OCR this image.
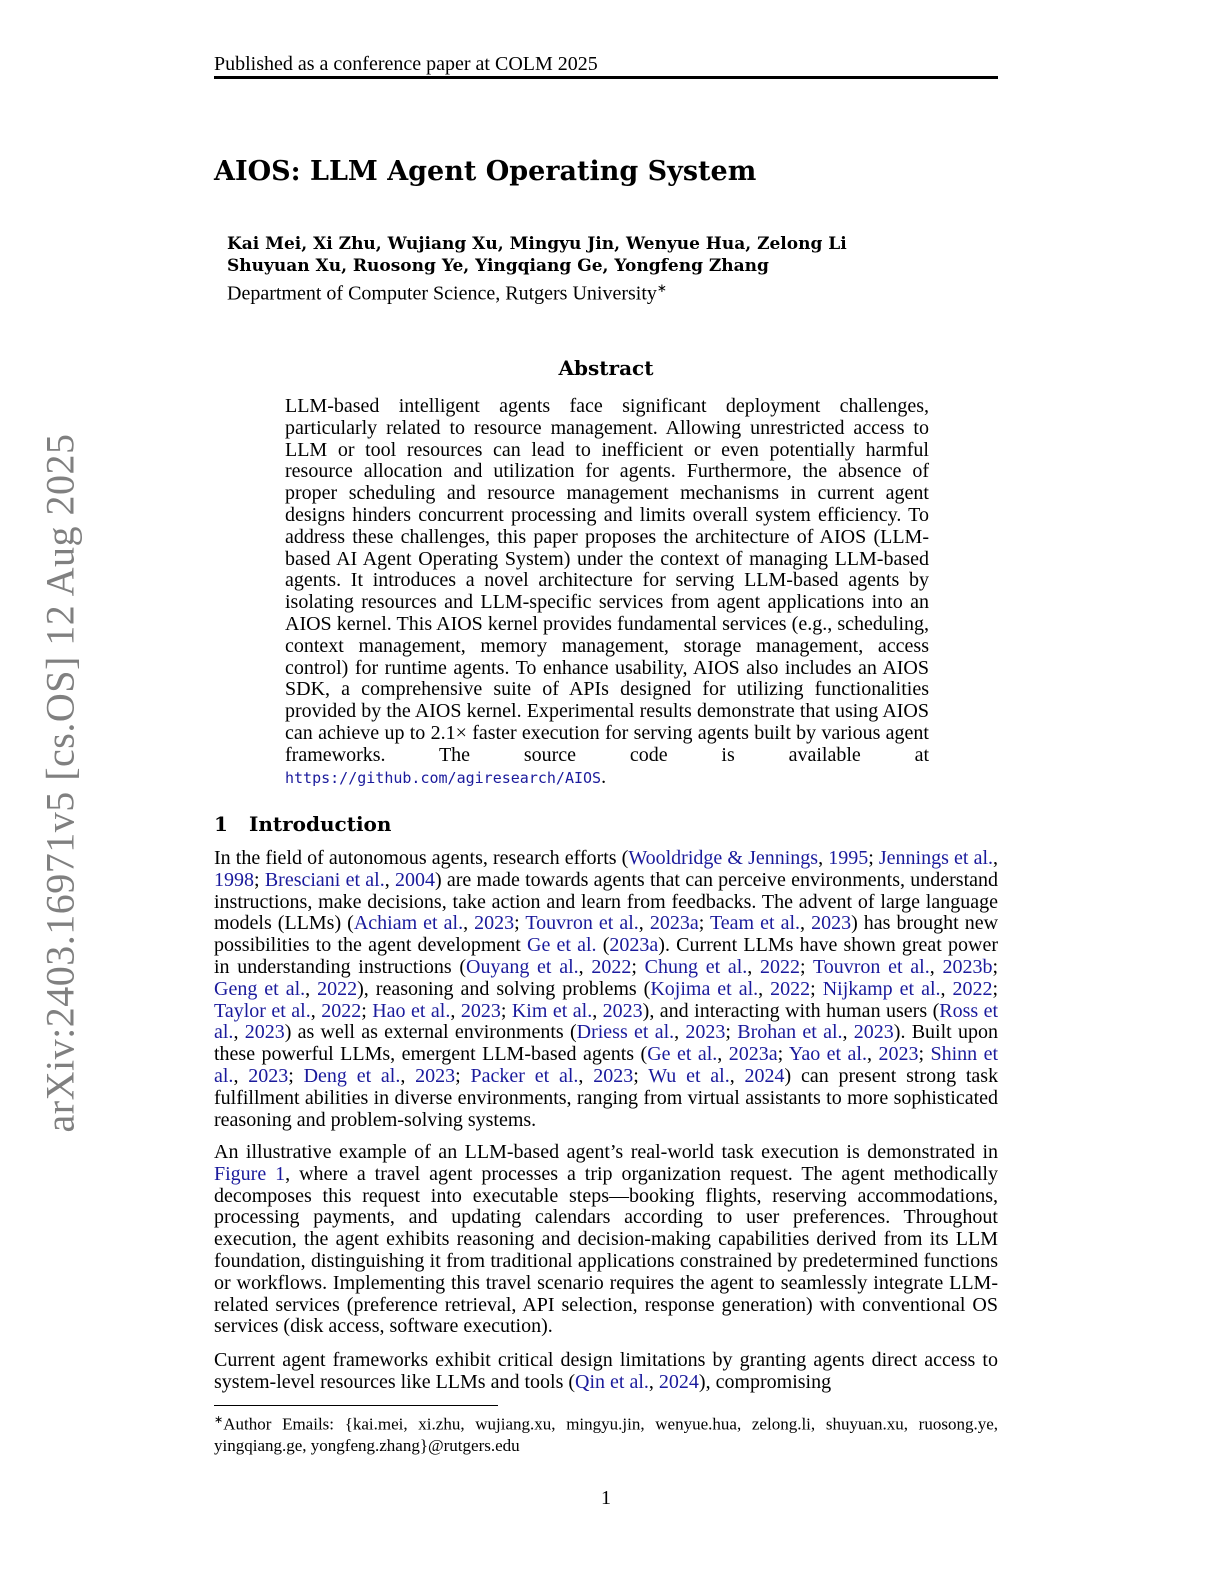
Published as a conference paper at COLM 2025
arXiv:2403.16971v5 [cs.OS] 12 Aug 2025
AIOS: LLM Agent Operating System
Kai Mei, Xi Zhu, Wujiang Xu, Mingyu Jin, Wenyue Hua, Zelong Li
Shuyuan Xu, Ruosong Ye, Yingqiang Ge, Yongfeng Zhang
Department of Computer Science, Rutgers University∗
Abstract
LLM-based intelligent agents face significant deployment challenges, particularly related to resource management. Allowing unrestricted access to LLM or tool resources can lead to inefficient or even potentially harmful resource allocation and utilization for agents. Furthermore, the absence of proper scheduling and resource management mechanisms in current agent designs hinders concurrent processing and limits overall system efficiency. To address these challenges, this paper proposes the architecture of AIOS (LLM-based AI Agent Operating System) under the context of managing LLM-based agents. It introduces a novel architecture for serving LLM-based agents by isolating resources and LLM-specific services from agent applications into an AIOS kernel. This AIOS kernel provides fundamental services (e.g., scheduling, context management, memory management, storage management, access control) for runtime agents. To enhance usability, AIOS also includes an AIOS SDK, a comprehensive suite of APIs designed for utilizing functionalities provided by the AIOS kernel. Experimental results demonstrate that using AIOS can achieve up to 2.1× faster execution for serving agents built by various agent frameworks. The source code is available at https://github.com/agiresearch/AIOS.
1 Introduction

In the field of autonomous agents, research efforts (Wooldridge & Jennings, 1995; Jennings et al., 1998; Bresciani et al., 2004) are made towards agents that can perceive environments, understand instructions, make decisions, take action and learn from feedbacks. The advent of large language models (LLMs) (Achiam et al., 2023; Touvron et al., 2023a; Team et al., 2023) has brought new possibilities to the agent development Ge et al. (2023a). Current LLMs have shown great power in understanding instructions (Ouyang et al., 2022; Chung et al., 2022; Touvron et al., 2023b; Geng et al., 2022), reasoning and solving problems (Kojima et al., 2022; Nijkamp et al., 2022; Taylor et al., 2022; Hao et al., 2023; Kim et al., 2023), and interacting with human users (Ross et al., 2023) as well as external environments (Driess et al., 2023; Brohan et al., 2023). Built upon these powerful LLMs, emergent LLM-based agents (Ge et al., 2023a; Yao et al., 2023; Shinn et al., 2023; Deng et al., 2023; Packer et al., 2023; Wu et al., 2024) can present strong task fulfillment abilities in diverse environments, ranging from virtual assistants to more sophisticated reasoning and problem-solving systems.

An illustrative example of an LLM-based agent’s real-world task execution is demonstrated in Figure 1, where a travel agent processes a trip organization request. The agent methodically decomposes this request into executable steps—booking flights, reserving accommodations, processing payments, and updating calendars according to user preferences. Throughout execution, the agent exhibits reasoning and decision-making capabilities derived from its LLM foundation, distinguishing it from traditional applications constrained by predetermined functions or workflows. Implementing this travel scenario requires the agent to seamlessly integrate LLM-related services (preference retrieval, API selection, response generation) with conventional OS services (disk access, software execution).

Current agent frameworks exhibit critical design limitations by granting agents direct access to system-level resources like LLMs and tools (Qin et al., 2024), compromising

∗Author Emails: {kai.mei, xi.zhu, wujiang.xu, mingyu.jin, wenyue.hua, zelong.li, shuyuan.xu, ruosong.ye, yingqiang.ge, yongfeng.zhang}@rutgers.edu
1
